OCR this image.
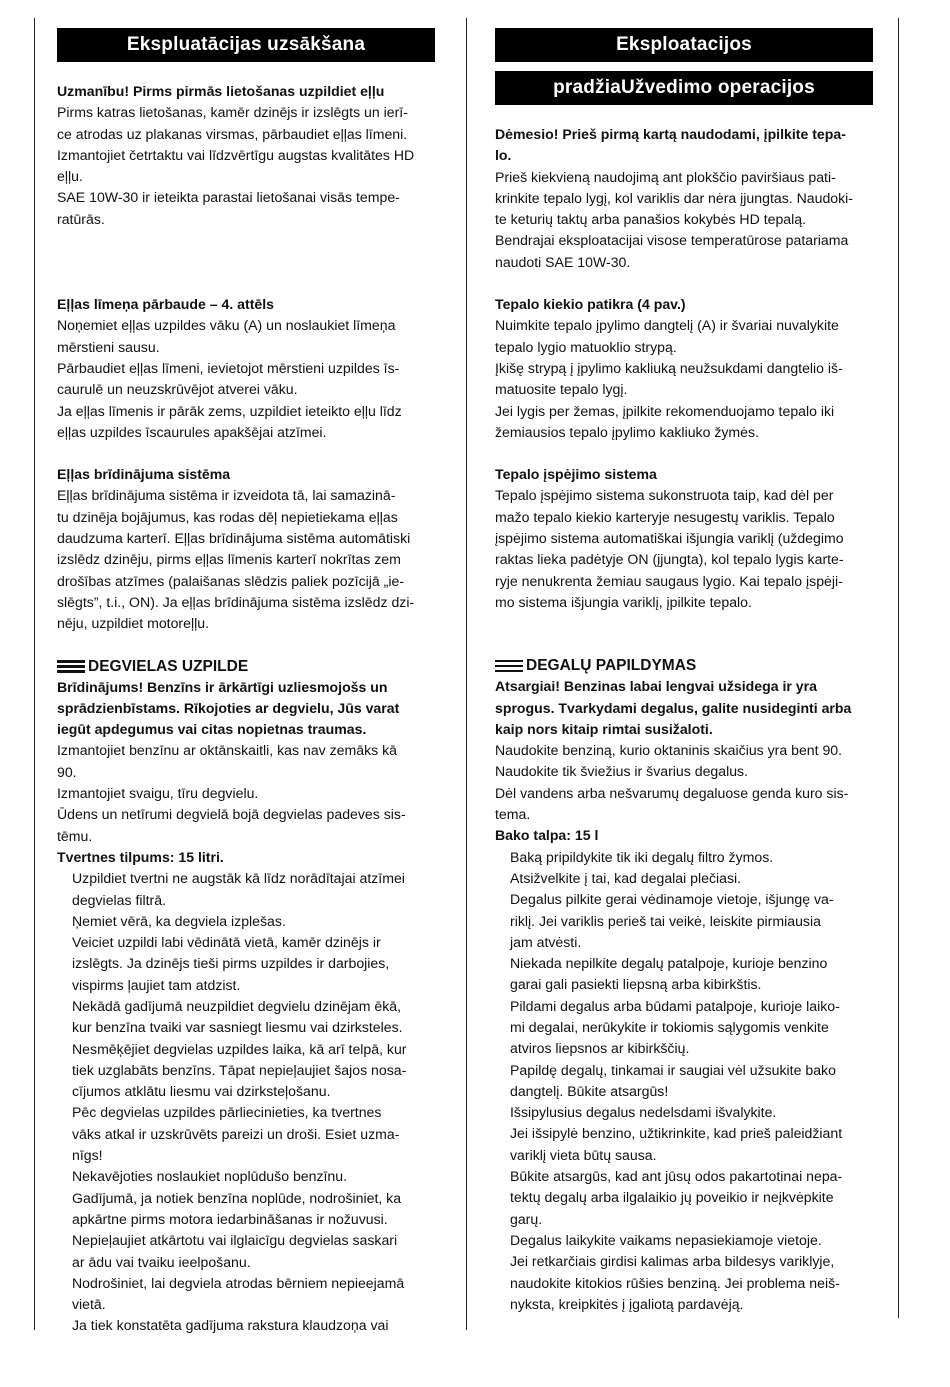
Ekspluatācijas uzsākšana

Uzmanību! Pirms pirmās lietošanas uzpildiet eļļu

Pirms katras lietošanas, kamēr dzinējs ir izslēgts un ierī-

ce atrodas uz plakanas virsmas, pārbaudiet eļļas līmeni.

Izmantojiet četrtaktu vai līdzvērtīgu augstas kvalitātes HD

eļļu.

SAE 10W-30 ir ieteikta parastai lietošanai visās tempe-

ratūrās.

Eļļas līmeņa pārbaude – 4. attēls

Noņemiet eļļas uzpildes vāku (A) un noslaukiet līmeņa

mērstieni sausu.

Pārbaudiet eļļas līmeni, ievietojot mērstieni uzpildes īs-

caurulē un neuzskrūvējot atverei vāku.

Ja eļļas līmenis ir pārāk zems, uzpildiet ieteikto eļļu līdz

eļļas uzpildes īscaurules apakšējai atzīmei.

Eļļas brīdinājuma sistēma

Eļļas brīdinājuma sistēma ir izveidota tā, lai samazinā-

tu dzinēja bojājumus, kas rodas dēļ nepietiekama eļļas

daudzuma karterī. Eļļas brīdinājuma sistēma automātiski

izslēdz dzinēju, pirms eļļas līmenis karterī nokrītas zem

drošības atzīmes (palaišanas slēdzis paliek pozīcijā „ie-

slēgts”, t.i., ON). Ja eļļas brīdinājuma sistēma izslēdz dzi-

nēju, uzpildiet motoreļļu.

DEGVIELAS UZPILDE

Brīdinājums! Benzīns ir ārkārtīgi uzliesmojošs un

sprādzienbīstams. Rīkojoties ar degvielu, Jūs varat

iegūt apdegumus vai citas nopietnas traumas.

Izmantojiet benzīnu ar oktānskaitli, kas nav zemāks kā

90.

Izmantojiet svaigu, tīru degvielu.

Ūdens un netīrumi degvielā bojā degvielas padeves sis-

tēmu.

Tvertnes tilpums: 15 litri.

Uzpildiet tvertni ne augstāk kā līdz norādītajai atzīmei

degvielas filtrā.

Ņemiet vērā, ka degviela izplešas.

Veiciet uzpildi labi vēdinātā vietā, kamēr dzinējs ir

izslēgts. Ja dzinējs tieši pirms uzpildes ir darbojies,

vispirms ļaujiet tam atdzist.

Nekādā gadījumā neuzpildiet degvielu dzinējam ēkā,

kur benzīna tvaiki var sasniegt liesmu vai dzirksteles.

Nesmēķējiet degvielas uzpildes laika, kā arī telpā, kur

tiek uzglabāts benzīns. Tāpat nepieļaujiet šajos nosa-

cījumos atklātu liesmu vai dzirksteļošanu.

Pēc degvielas uzpildes pārliecinieties, ka tvertnes

vāks atkal ir uzskrūvēts pareizi un droši. Esiet uzma-

nīgs!

Nekavējoties noslaukiet noplūdušo benzīnu.

Gadījumā, ja notiek benzīna noplūde, nodrošiniet, ka

apkārtne pirms motora iedarbināšanas ir nožuvusi.

Nepieļaujiet atkārtotu vai ilglaicīgu degvielas saskari

ar ādu vai tvaiku ieelpošanu.

Nodrošiniet, lai degviela atrodas bērniem nepieejamā

vietā.

Ja tiek konstatēta gadījuma rakstura klaudzoņa vai

Eksploatacijos
pradžiaUžvedimo operacijos

Dėmesio! Prieš pirmą kartą naudodami, įpilkite tepa-

lo.

Prieš kiekvieną naudojimą ant plokščio paviršiaus pati-

krinkite tepalo lygį, kol variklis dar nėra įjungtas. Naudoki-

te keturių taktų arba panašios kokybės HD tepalą.

Bendrajai eksploatacijai visose temperatūrose patariama

naudoti SAE 10W-30.

Tepalo kiekio patikra (4 pav.)

Nuimkite tepalo įpylimo dangtelį (A) ir švariai nuvalykite

tepalo lygio matuoklio strypą.

Įkišę strypą į įpylimo kakliuką neužsukdami dangtelio iš-

matuosite tepalo lygį.

Jei lygis per žemas, įpilkite rekomenduojamo tepalo iki

žemiausios tepalo įpylimo kakliuko žymės.

Tepalo įspėjimo sistema

Tepalo įspėjimo sistema sukonstruota taip, kad dėl per

mažo tepalo kiekio karteryje nesugestų variklis. Tepalo

įspėjimo sistema automatiškai išjungia variklį (uždegimo

raktas lieka padėtyje ON (įjungta), kol tepalo lygis karte-

ryje nenukrenta žemiau saugaus lygio. Kai tepalo įspėji-

mo sistema išjungia variklį, įpilkite tepalo.

DEGALŲ PAPILDYMAS

Atsargiai! Benzinas labai lengvai užsidega ir yra

sprogus. Tvarkydami degalus, galite nusideginti arba

kaip nors kitaip rimtai susižaloti.

Naudokite benziną, kurio oktaninis skaičius yra bent 90.

Naudokite tik šviežius ir švarius degalus.

Dėl vandens arba nešvarumų degaluose genda kuro sis-

tema.

Bako talpa: 15 l

Baką pripildykite tik iki degalų filtro žymos.

Atsižvelkite į tai, kad degalai plečiasi.

Degalus pilkite gerai vėdinamoje vietoje, išjungę va-

riklį. Jei variklis perieš tai veikė, leiskite pirmiausia

jam atvėsti.

Niekada nepilkite degalų patalpoje, kurioje benzino

garai gali pasiekti liepsną arba kibirkštis.

Pildami degalus arba būdami patalpoje, kurioje laiko-

mi degalai, nerūkykite ir tokiomis sąlygomis venkite

atviros liepsnos ar kibirkščių.

Papildę degalų, tinkamai ir saugiai vėl užsukite bako

dangtelį. Būkite atsargūs!

Išsipylusius degalus nedelsdami išvalykite.

Jei išsipylė benzino, užtikrinkite, kad prieš paleidžiant

variklį vieta būtų sausa.

Būkite atsargūs, kad ant jūsų odos pakartotinai nepa-

tektų degalų arba ilgalaikio jų poveikio ir neįkvėpkite

garų.

Degalus laikykite vaikams nepasiekiamoje vietoje.

Jei retkarčiais girdisi kalimas arba bildesys variklyje,

naudokite kitokios rūšies benziną. Jei problema neiš-

nyksta, kreipkitės į įgaliotą pardavėją.
